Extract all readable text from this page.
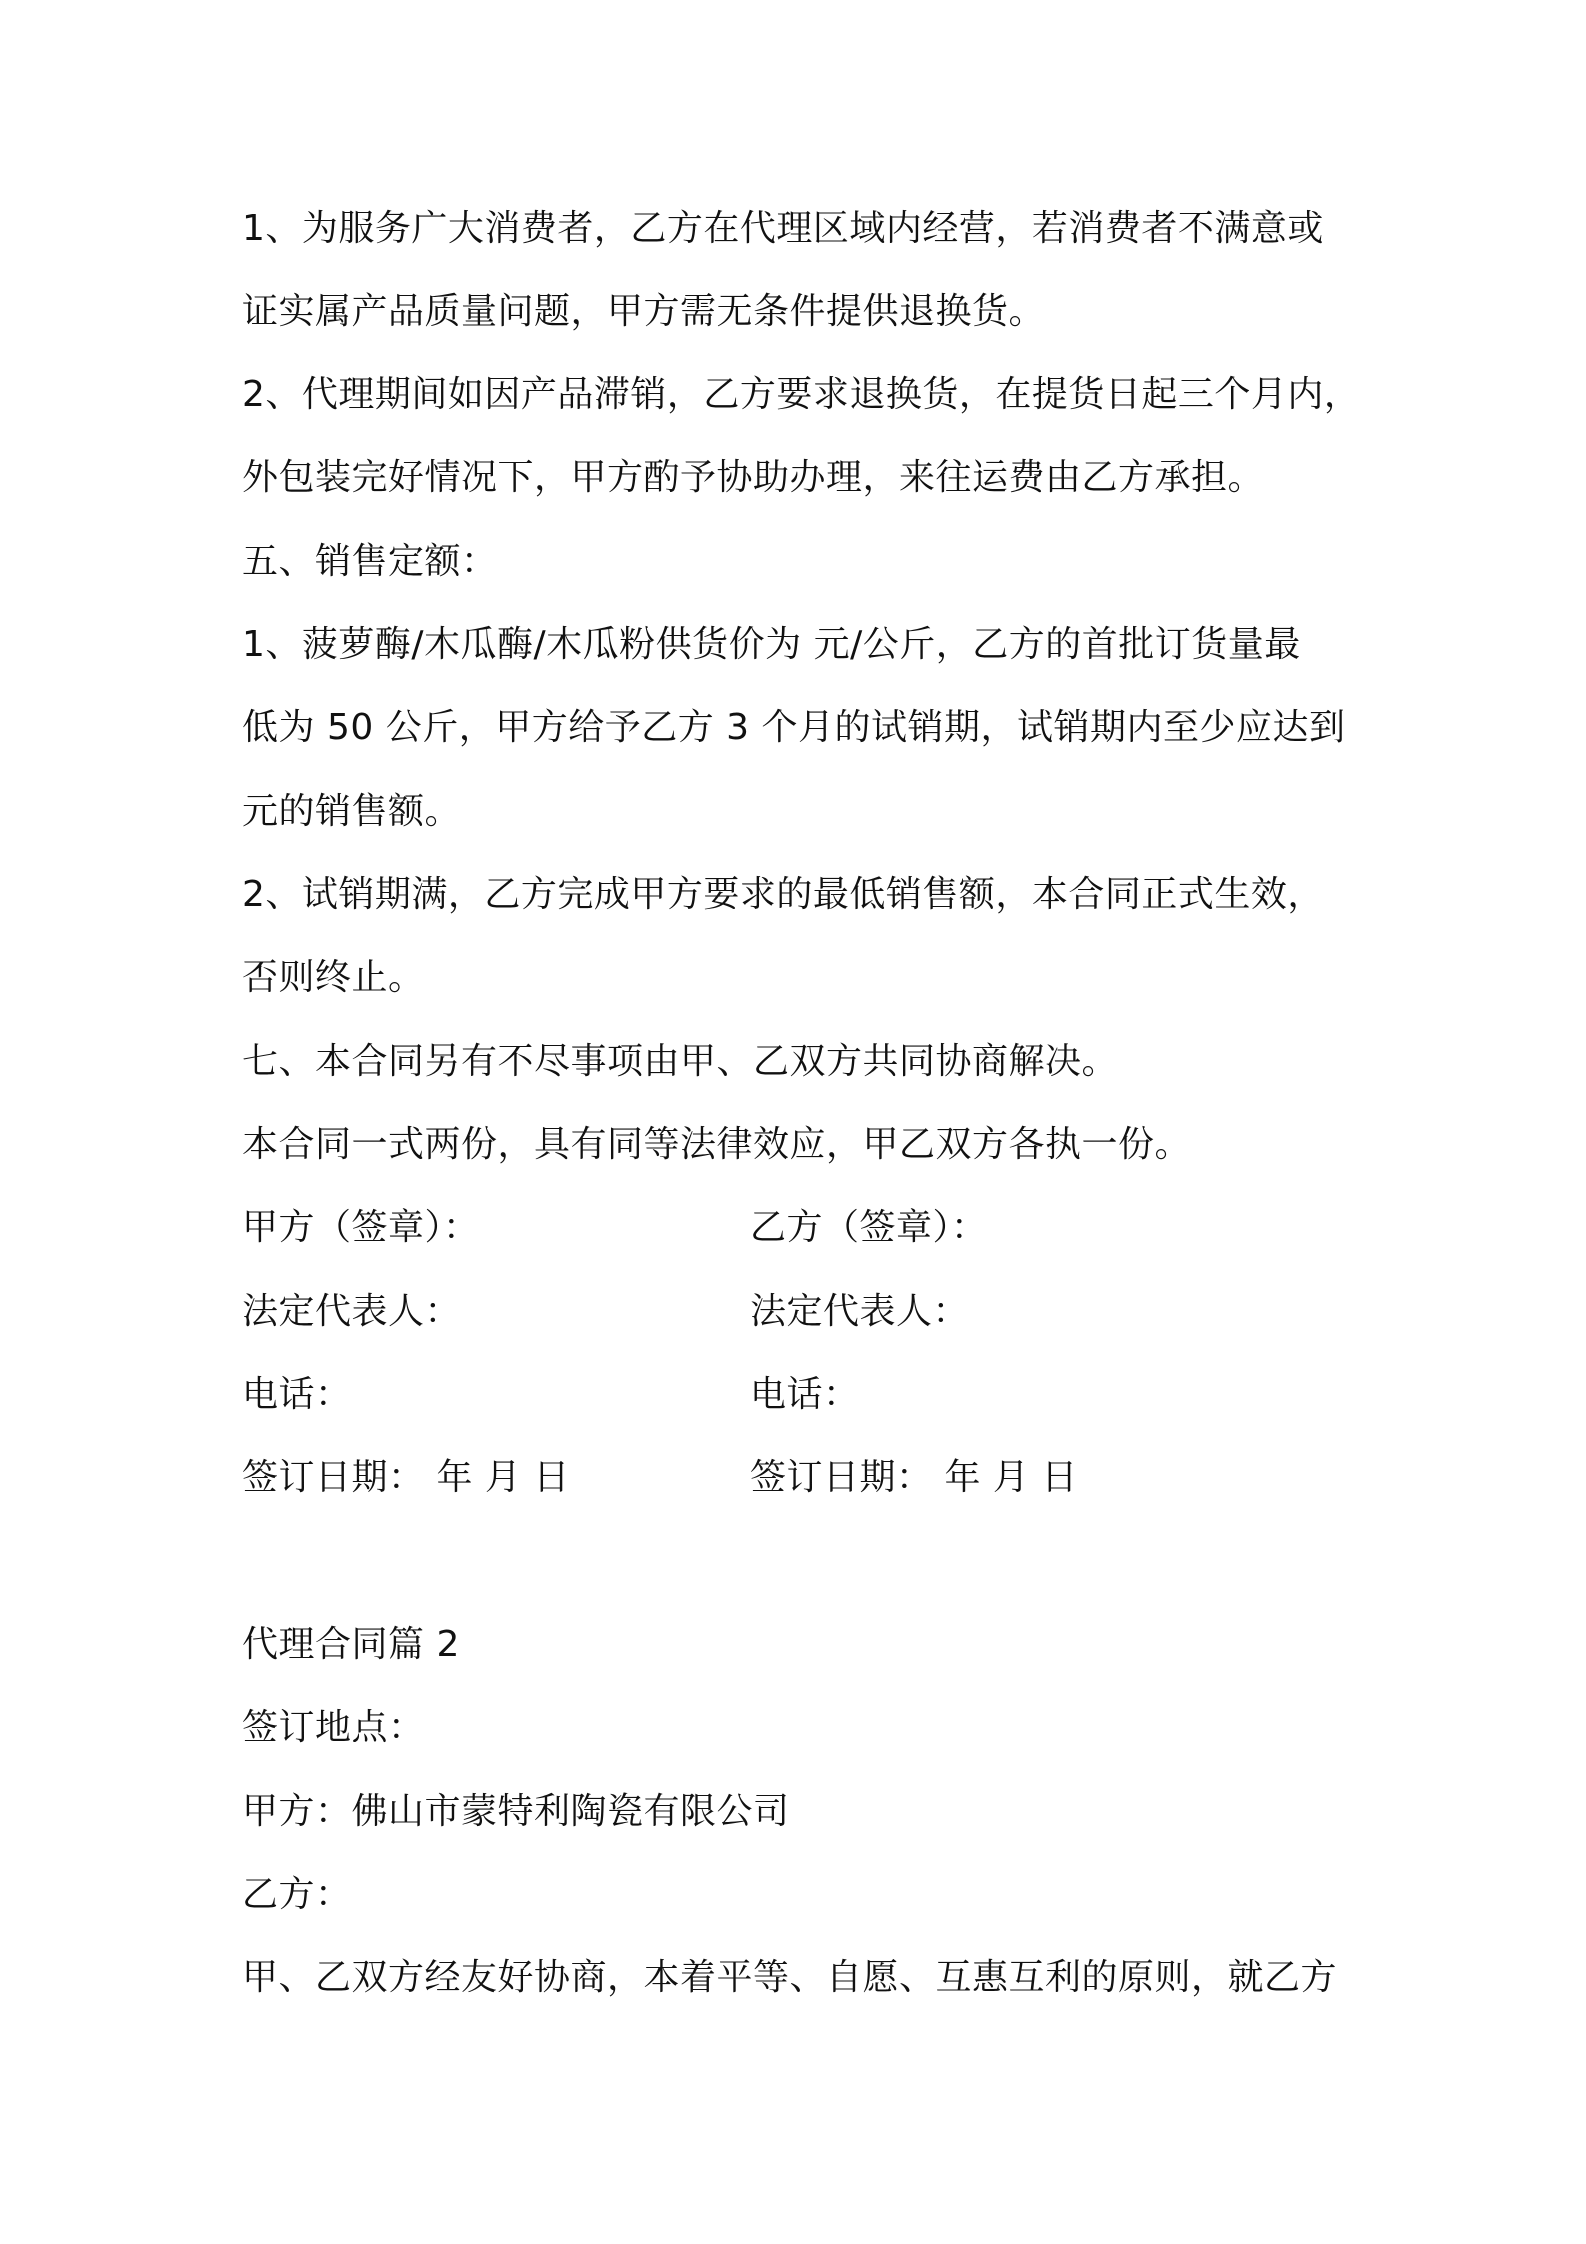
1、为服务广大消费者，乙方在代理区域内经营，若消费者不满意或
证实属产品质量问题，甲方需无条件提供退换货。
2、代理期间如因产品滞销，乙方要求退换货，在提货日起三个月内，
外包装完好情况下，甲方酌予协助办理，来往运费由乙方承担。
五、销售定额：
1、菠萝酶/木瓜酶/木瓜粉供货价为 元/公斤，乙方的首批订货量最
低为 50 公斤，甲方给予乙方 3 个月的试销期，试销期内至少应达到
元的销售额。
2、试销期满，乙方完成甲方要求的最低销售额，本合同正式生效，
否则终止。
七、本合同另有不尽事项由甲、乙双方共同协商解决。
本合同一式两份，具有同等法律效应，甲乙双方各执一份。
甲方（签章）：	乙方（签章）：
法定代表人：	法定代表人：
电话：	电话：
签订日期： 年 月 日	签订日期： 年 月 日
代理合同篇 2
签订地点：
甲方：佛山市蒙特利陶瓷有限公司
乙方：
甲、乙双方经友好协商，本着平等、自愿、互惠互利的原则，就乙方
